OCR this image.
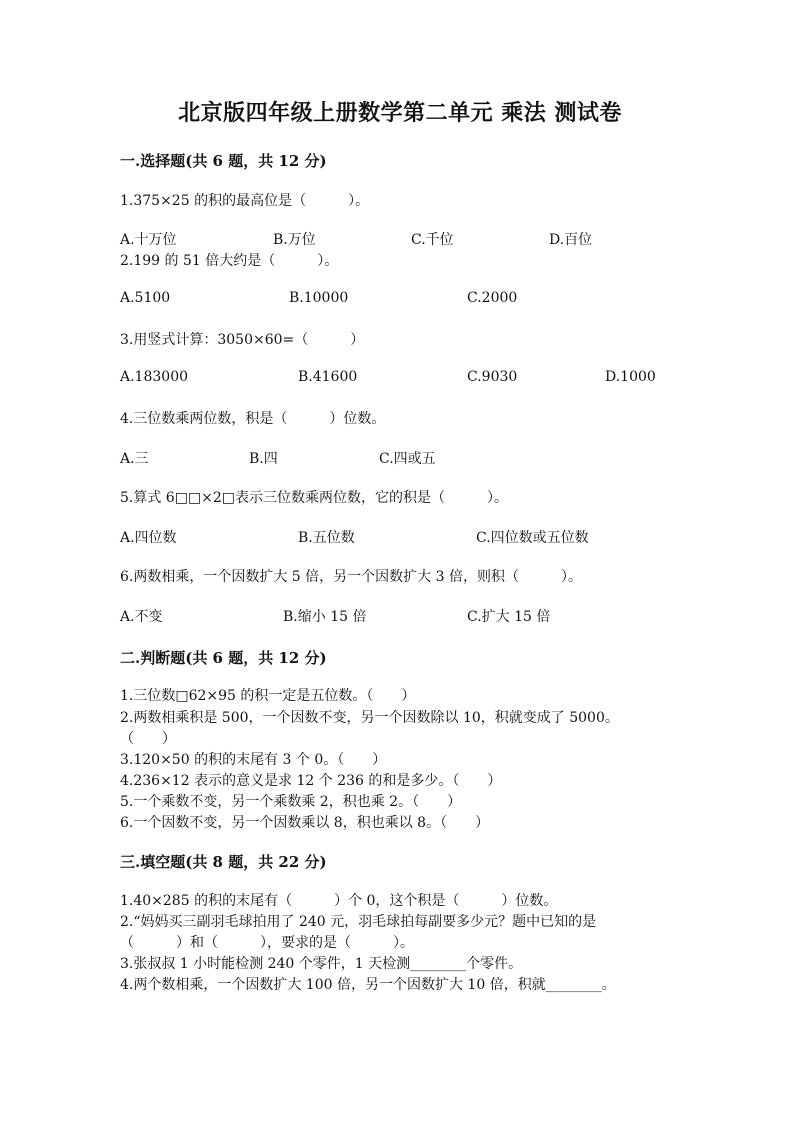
北京版四年级上册数学第二单元 乘法 测试卷
一.选择题(共 6 题，共 12 分)
1.375×25 的积的最高位是（　　　）。
A.十万位	B.万位	C.千位	D.百位
2.199 的 51 倍大约是（　　　）。
A.5100	B.10000	C.2000
3.用竖式计算：3050×60=（　　　）
A.183000	B.41600	C.9030	D.1000
4.三位数乘两位数，积是（　　　）位数。
A.三	B.四	C.四或五
5.算式 6□□×2□表示三位数乘两位数，它的积是（　　　）。
A.四位数	B.五位数	C.四位数或五位数
6.两数相乘，一个因数扩大 5 倍，另一个因数扩大 3 倍，则积（　　　）。
A.不变	B.缩小 15 倍	C.扩大 15 倍
二.判断题(共 6 题，共 12 分)
1.三位数□62×95 的积一定是五位数。（　　）
2.两数相乘积是 500，一个因数不变，另一个因数除以 10，积就变成了 5000。
（　　）
3.120×50 的积的末尾有 3 个 0。（　　）
4.236×12 表示的意义是求 12 个 236 的和是多少。（　　）
5.一个乘数不变，另一个乘数乘 2，积也乘 2。（　　）
6.一个因数不变，另一个因数乘以 8，积也乘以 8。（　　）
三.填空题(共 8 题，共 22 分)
1.40×285 的积的末尾有（　　　）个 0，这个积是（　　　）位数。
2.“妈妈买三副羽毛球拍用了 240 元，羽毛球拍每副要多少元？题中已知的是
（　　　）和（　　　），要求的是（　　　）。
3.张叔叔 1 小时能检测 240 个零件，1 天检测________个零件。
4.两个数相乘，一个因数扩大 100 倍，另一个因数扩大 10 倍，积就________。
